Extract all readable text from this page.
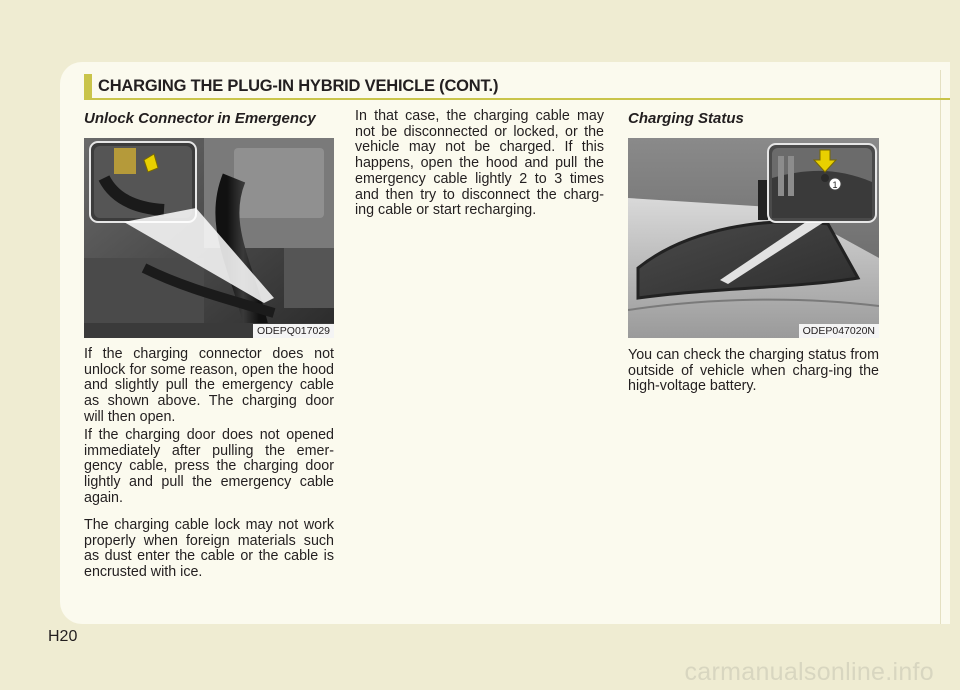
CHARGING THE PLUG-IN HYBRID VEHICLE (CONT.)
Unlock Connector in Emergency
ODEPQ017029

If the charging connector does not unlock for some reason, open the hood and slightly pull the emergency cable as shown above. The charging door will then open.

If the charging door does not opened immediately after pulling the emer-gency cable, press the charging door lightly and pull the emergency cable again.

The charging cable lock may not work properly when foreign materials such as dust enter the cable or the cable is encrusted with ice.

In that case, the charging cable may not be disconnected or locked, or the vehicle may not be charged. If this happens, open the hood and pull the emergency cable lightly 2 to 3 times and then try to disconnect the charg-ing cable or start recharging.

Charging Status
1
ODEP047020N

You can check the charging status from outside of vehicle when charg-ing the high-voltage battery.

H20
carmanualsonline.info
